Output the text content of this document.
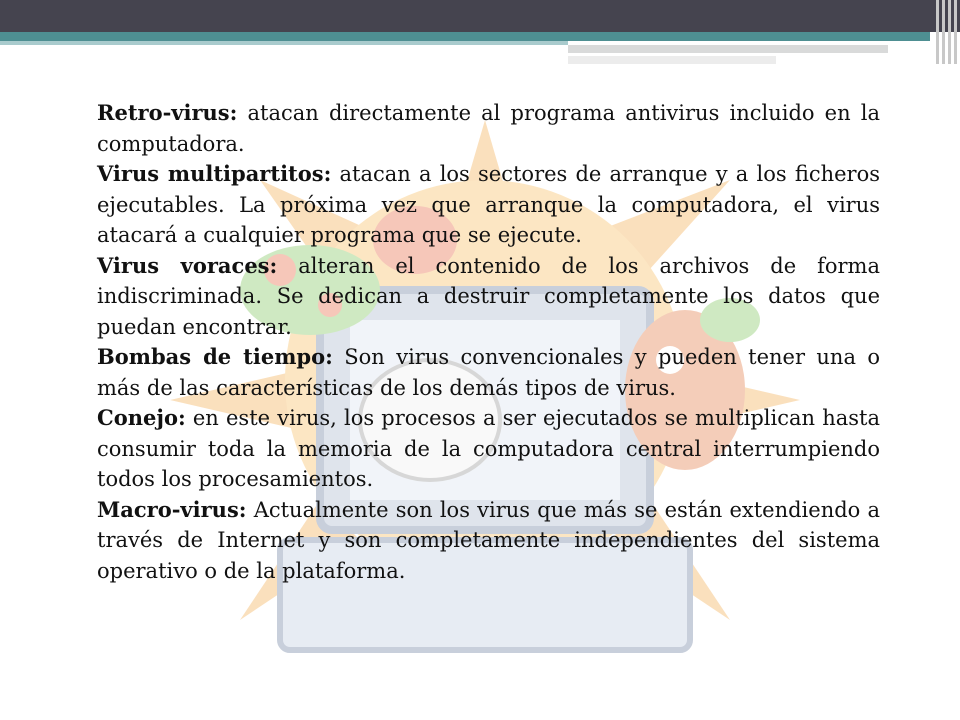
Retro-virus: atacan directamente al programa antivirus incluido en la computadora.

Virus multipartitos: atacan a los sectores de arranque y a los ficheros ejecutables. La próxima vez que arranque la computadora, el virus atacará a cualquier programa que se ejecute.

Virus voraces: alteran el contenido de los archivos de forma indiscriminada. Se dedican a destruir completamente los datos que puedan encontrar.

Bombas de tiempo: Son virus convencionales y pueden tener una o más de las características de los demás tipos de virus.

Conejo: en este virus, los procesos a ser ejecutados se multiplican hasta consumir toda la memoria de la computadora central interrumpiendo todos los procesamientos.

Macro-virus: Actualmente son los virus que más se están extendiendo a través de Internet y son completamente independientes del sistema operativo o de la plataforma.
